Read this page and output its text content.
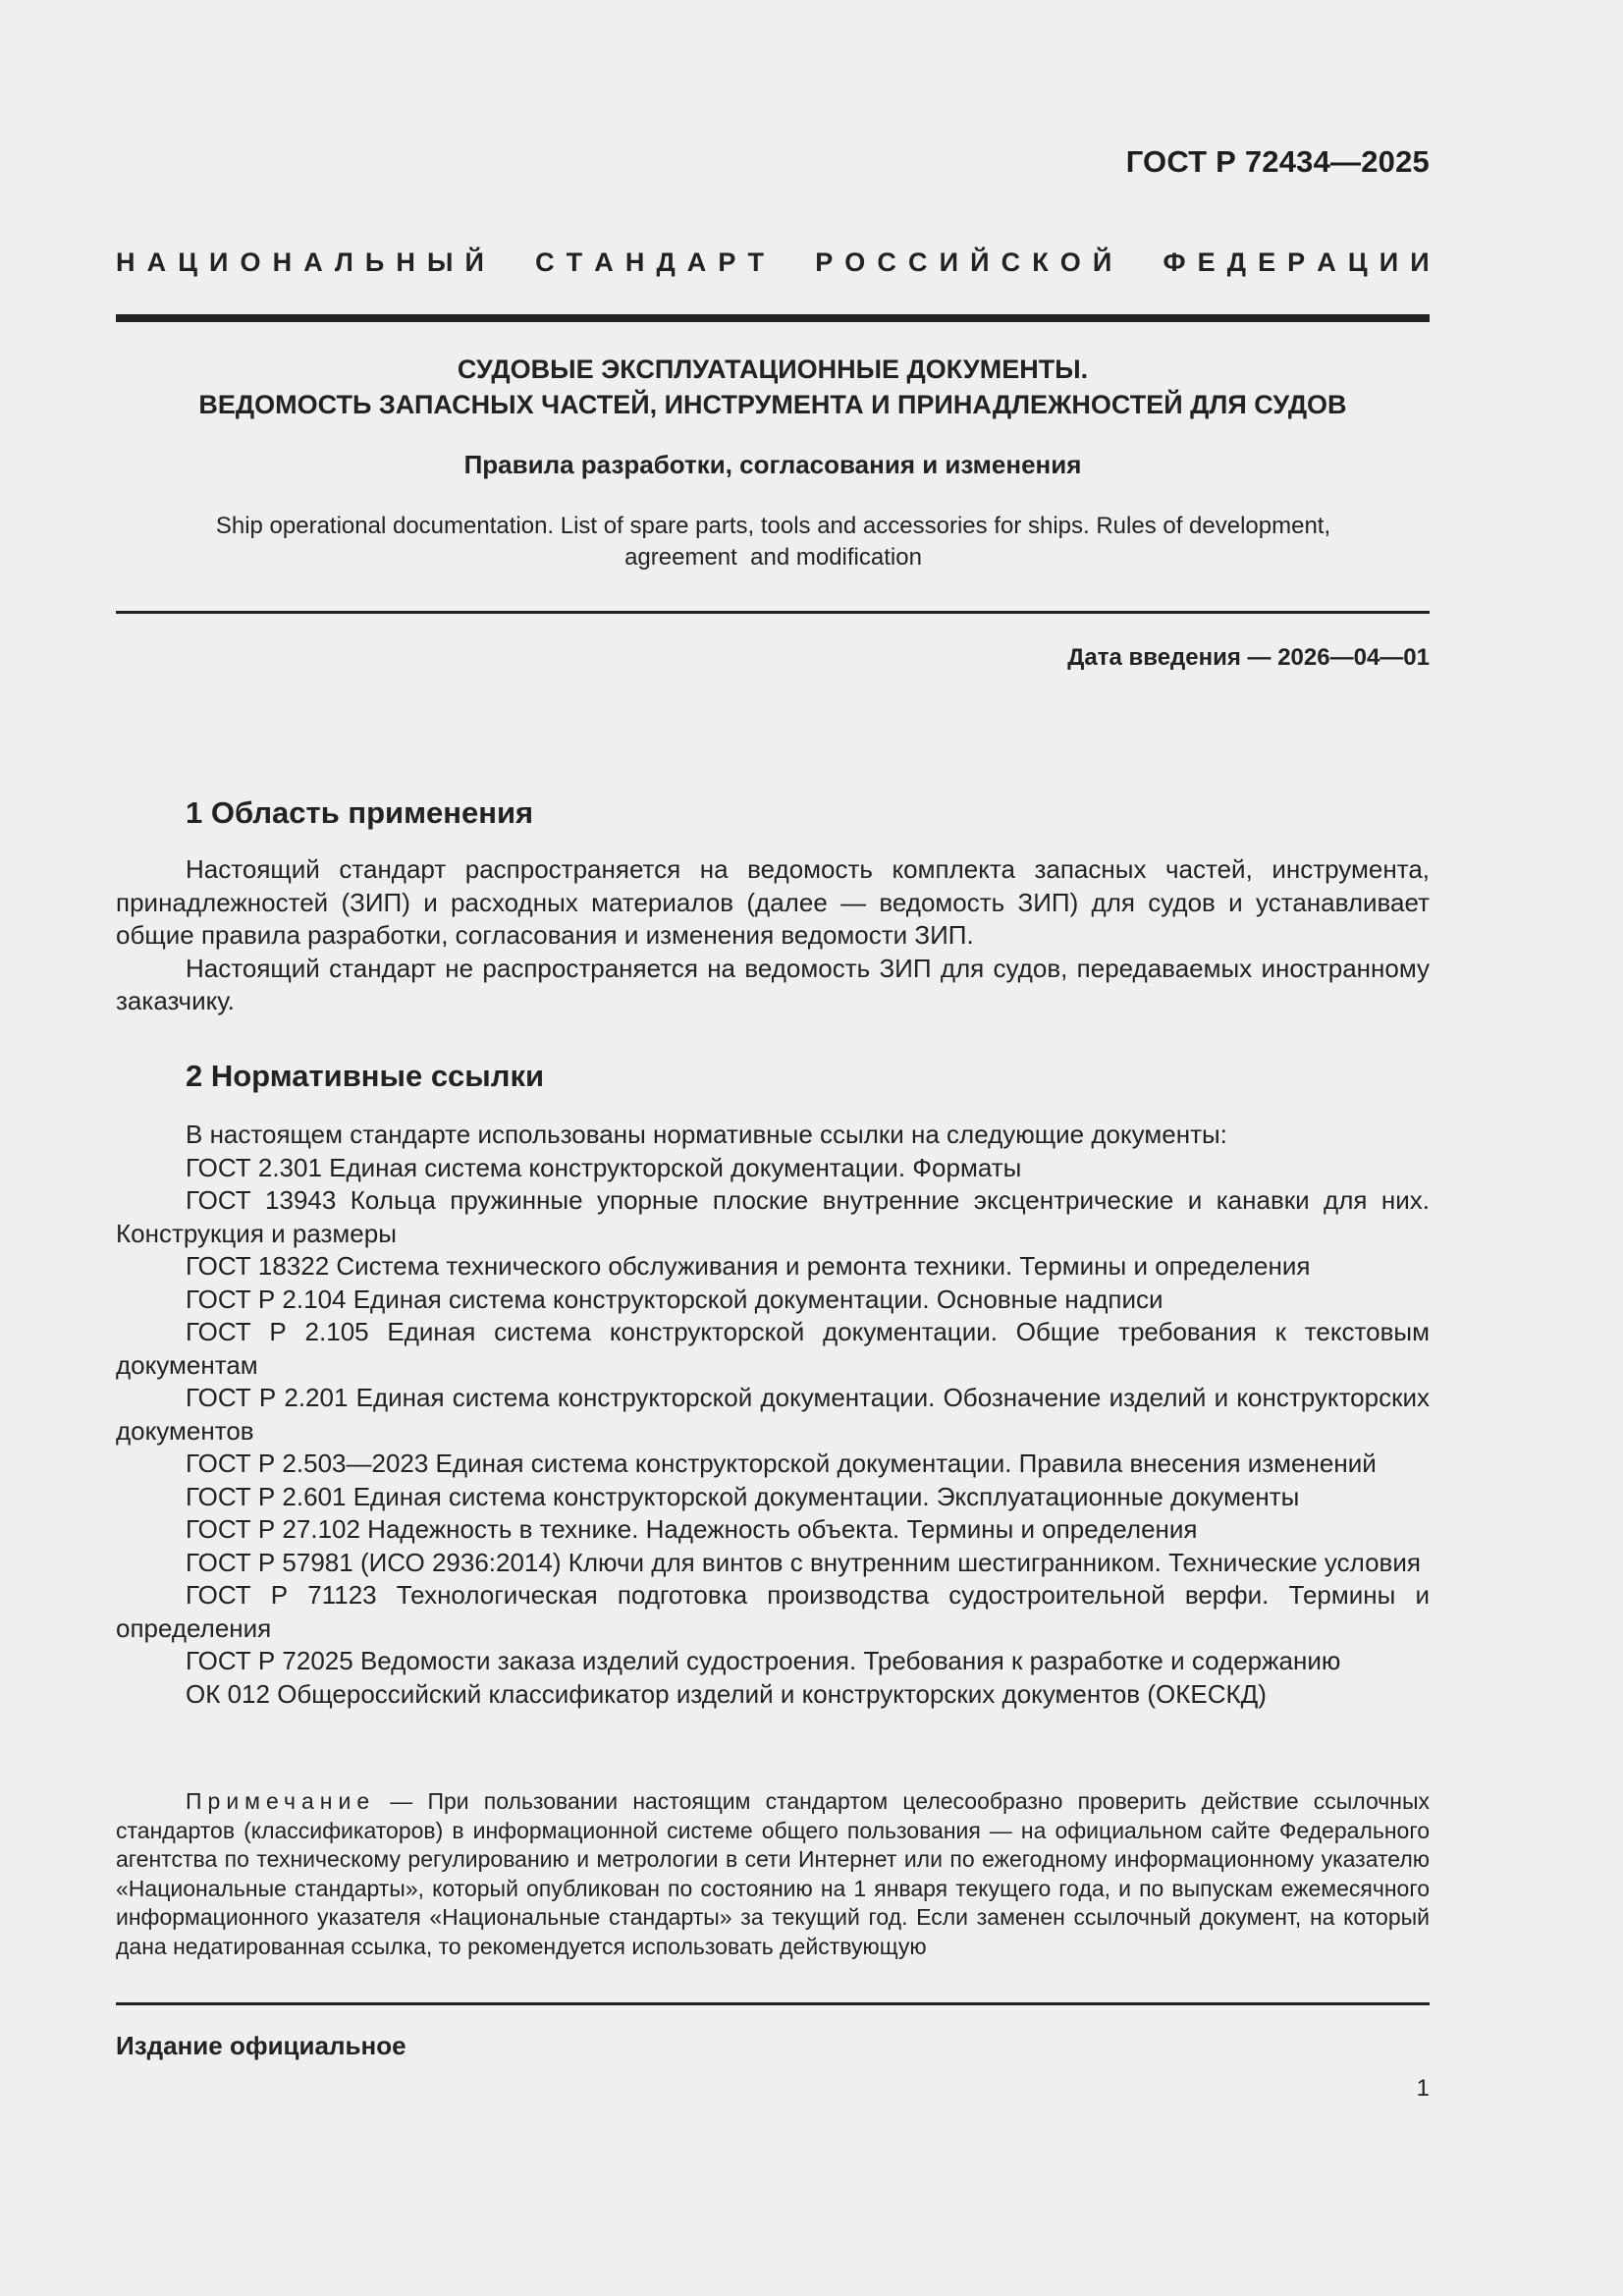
ГОСТ Р 72434—2025
Н А Ц И О Н А Л Ь Н Ы Й С Т А Н Д А Р Т Р О С С И Й С К О Й Ф Е Д Е Р А Ц И И
СУДОВЫЕ ЭКСПЛУАТАЦИОННЫЕ ДОКУМЕНТЫ.
ВЕДОМОСТЬ ЗАПАСНЫХ ЧАСТЕЙ, ИНСТРУМЕНТА И ПРИНАДЛЕЖНОСТЕЙ ДЛЯ СУДОВ
Правила разработки, согласования и изменения
Ship operational documentation. List of spare parts, tools and accessories for ships. Rules of development,
agreement  and modification
Дата введения — 2026—04—01
1 Область применения

Настоящий стандарт распространяется на ведомость комплекта запасных частей, инструмента, принадлежностей (ЗИП) и расходных материалов (далее — ведомость ЗИП) для судов и устанавливает общие правила разработки, согласования и изменения ведомости ЗИП.

Настоящий стандарт не распространяется на ведомость ЗИП для судов, передаваемых иностранному заказчику.

2 Нормативные ссылки

В настоящем стандарте использованы нормативные ссылки на следующие документы:

ГОСТ 2.301 Единая система конструкторской документации. Форматы

ГОСТ 13943 Кольца пружинные упорные плоские внутренние эксцентрические и канавки для них. Конструкция и размеры

ГОСТ 18322 Система технического обслуживания и ремонта техники. Термины и определения

ГОСТ Р 2.104 Единая система конструкторской документации. Основные надписи

ГОСТ Р 2.105 Единая система конструкторской документации. Общие требования к текстовым документам

ГОСТ Р 2.201 Единая система конструкторской документации. Обозначение изделий и конструкторских документов

ГОСТ Р 2.503—2023 Единая система конструкторской документации. Правила внесения изменений

ГОСТ Р 2.601 Единая система конструкторской документации. Эксплуатационные документы

ГОСТ Р 27.102 Надежность в технике. Надежность объекта. Термины и определения

ГОСТ Р 57981 (ИСО 2936:2014) Ключи для винтов с внутренним шестигранником. Технические условия

ГОСТ Р 71123 Технологическая подготовка производства судостроительной верфи. Термины и определения

ГОСТ Р 72025 Ведомости заказа изделий судостроения. Требования к разработке и содержанию

ОК 012 Общероссийский классификатор изделий и конструкторских документов (ОКЕСКД)

Примечание — При пользовании настоящим стандартом целесообразно проверить действие ссылочных стандартов (классификаторов) в информационной системе общего пользования — на официальном сайте Федерального агентства по техническому регулированию и метрологии в сети Интернет или по ежегодному информационному указателю «Национальные стандарты», который опубликован по состоянию на 1 января текущего года, и по выпускам ежемесячного информационного указателя «Национальные стандарты» за текущий год. Если заменен ссылочный документ, на который дана недатированная ссылка, то рекомендуется использовать действующую
Издание официальное
1
